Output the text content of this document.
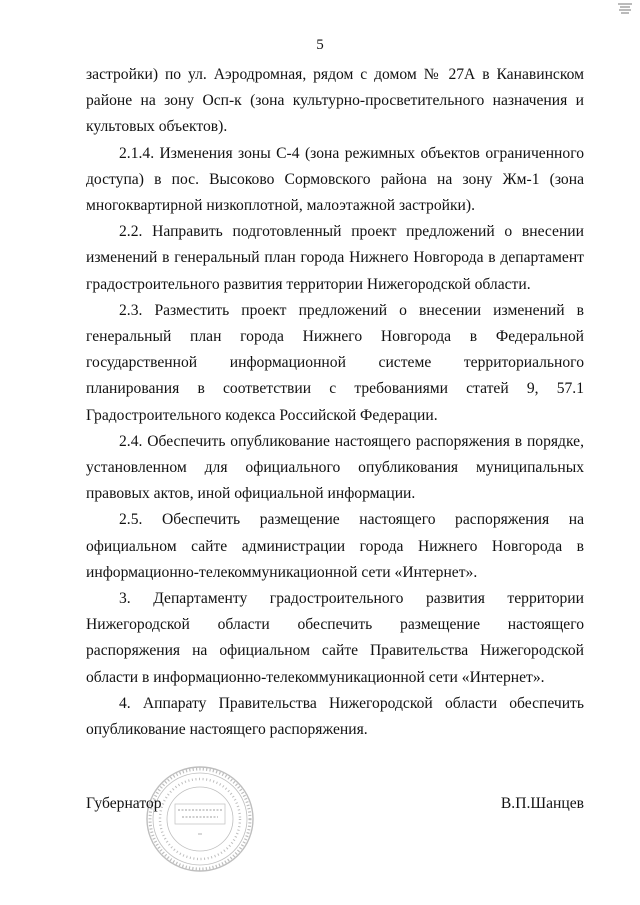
5

застройки) по ул. Аэродромная, рядом с домом № 27А в Канавинском районе на зону Осп-к (зона культурно-просветительного назначения и культовых объектов).

2.1.4. Изменения зоны С-4 (зона режимных объектов ограниченного доступа) в пос. Высоково Сормовского района на зону Жм-1 (зона многоквартирной низкоплотной, малоэтажной застройки).

2.2. Направить подготовленный проект предложений о внесении изменений в генеральный план города Нижнего Новгорода в департамент градостроительного развития территории Нижегородской области.

2.3. Разместить проект предложений о внесении изменений в генеральный план города Нижнего Новгорода в Федеральной государственной информационной системе территориального планирования в соответствии с требованиями статей 9, 57.1 Градостроительного кодекса Российской Федерации.

2.4. Обеспечить опубликование настоящего распоряжения в порядке, установленном для официального опубликования муниципальных правовых актов, иной официальной информации.

2.5. Обеспечить размещение настоящего распоряжения на официальном сайте администрации города Нижнего Новгорода в информационно-телекоммуникационной сети «Интернет».

3. Департаменту градостроительного развития территории Нижегородской области обеспечить размещение настоящего распоряжения на официальном сайте Правительства Нижегородской области в информационно-телекоммуникационной сети «Интернет».

4. Аппарату Правительства Нижегородской области обеспечить опубликование настоящего распоряжения.

Губернатор	В.П.Шанцев
